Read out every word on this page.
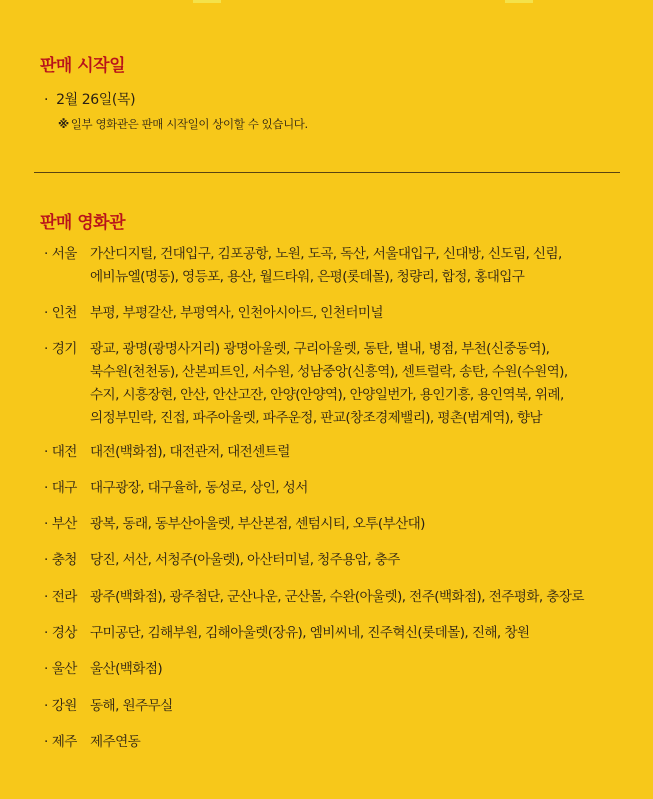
판매 시작일
· 2월 26일(목)
※ 일부 영화관은 판매 시작일이 상이할 수 있습니다.
판매 영화관
· 서울 가산디지털, 건대입구, 김포공항, 노원, 도곡, 독산, 서울대입구, 신대방, 신도림, 신림,
에비뉴엘(명동), 영등포, 용산, 월드타워, 은평(롯데몰), 청량리, 합정, 홍대입구
· 인천 부평, 부평갈산, 부평역사, 인천아시아드, 인천터미널
· 경기 광교, 광명(광명사거리) 광명아울렛, 구리아울렛, 동탄, 별내, 병점, 부천(신중동역),
북수원(천천동), 산본피트인, 서수원, 성남중앙(신흥역), 센트럴락, 송탄, 수원(수원역),
수지, 시흥장현, 안산, 안산고잔, 안양(안양역), 안양일번가, 용인기흥, 용인역북, 위례,
의정부민락, 진접, 파주아울렛, 파주운정, 판교(창조경제밸리), 평촌(범계역), 향남
· 대전 대전(백화점), 대전관저, 대전센트럴
· 대구 대구광장, 대구율하, 동성로, 상인, 성서
· 부산 광복, 동래, 동부산아울렛, 부산본점, 센텀시티, 오투(부산대)
· 충청 당진, 서산, 서청주(아울렛), 아산터미널, 청주용암, 충주
· 전라 광주(백화점), 광주첨단, 군산나운, 군산몰, 수완(아울렛), 전주(백화점), 전주평화, 충장로
· 경상 구미공단, 김해부원, 김해아울렛(장유), 엠비씨네, 진주혁신(롯데몰), 진해, 창원
· 울산 울산(백화점)
· 강원 동해, 원주무실
· 제주 제주연동
